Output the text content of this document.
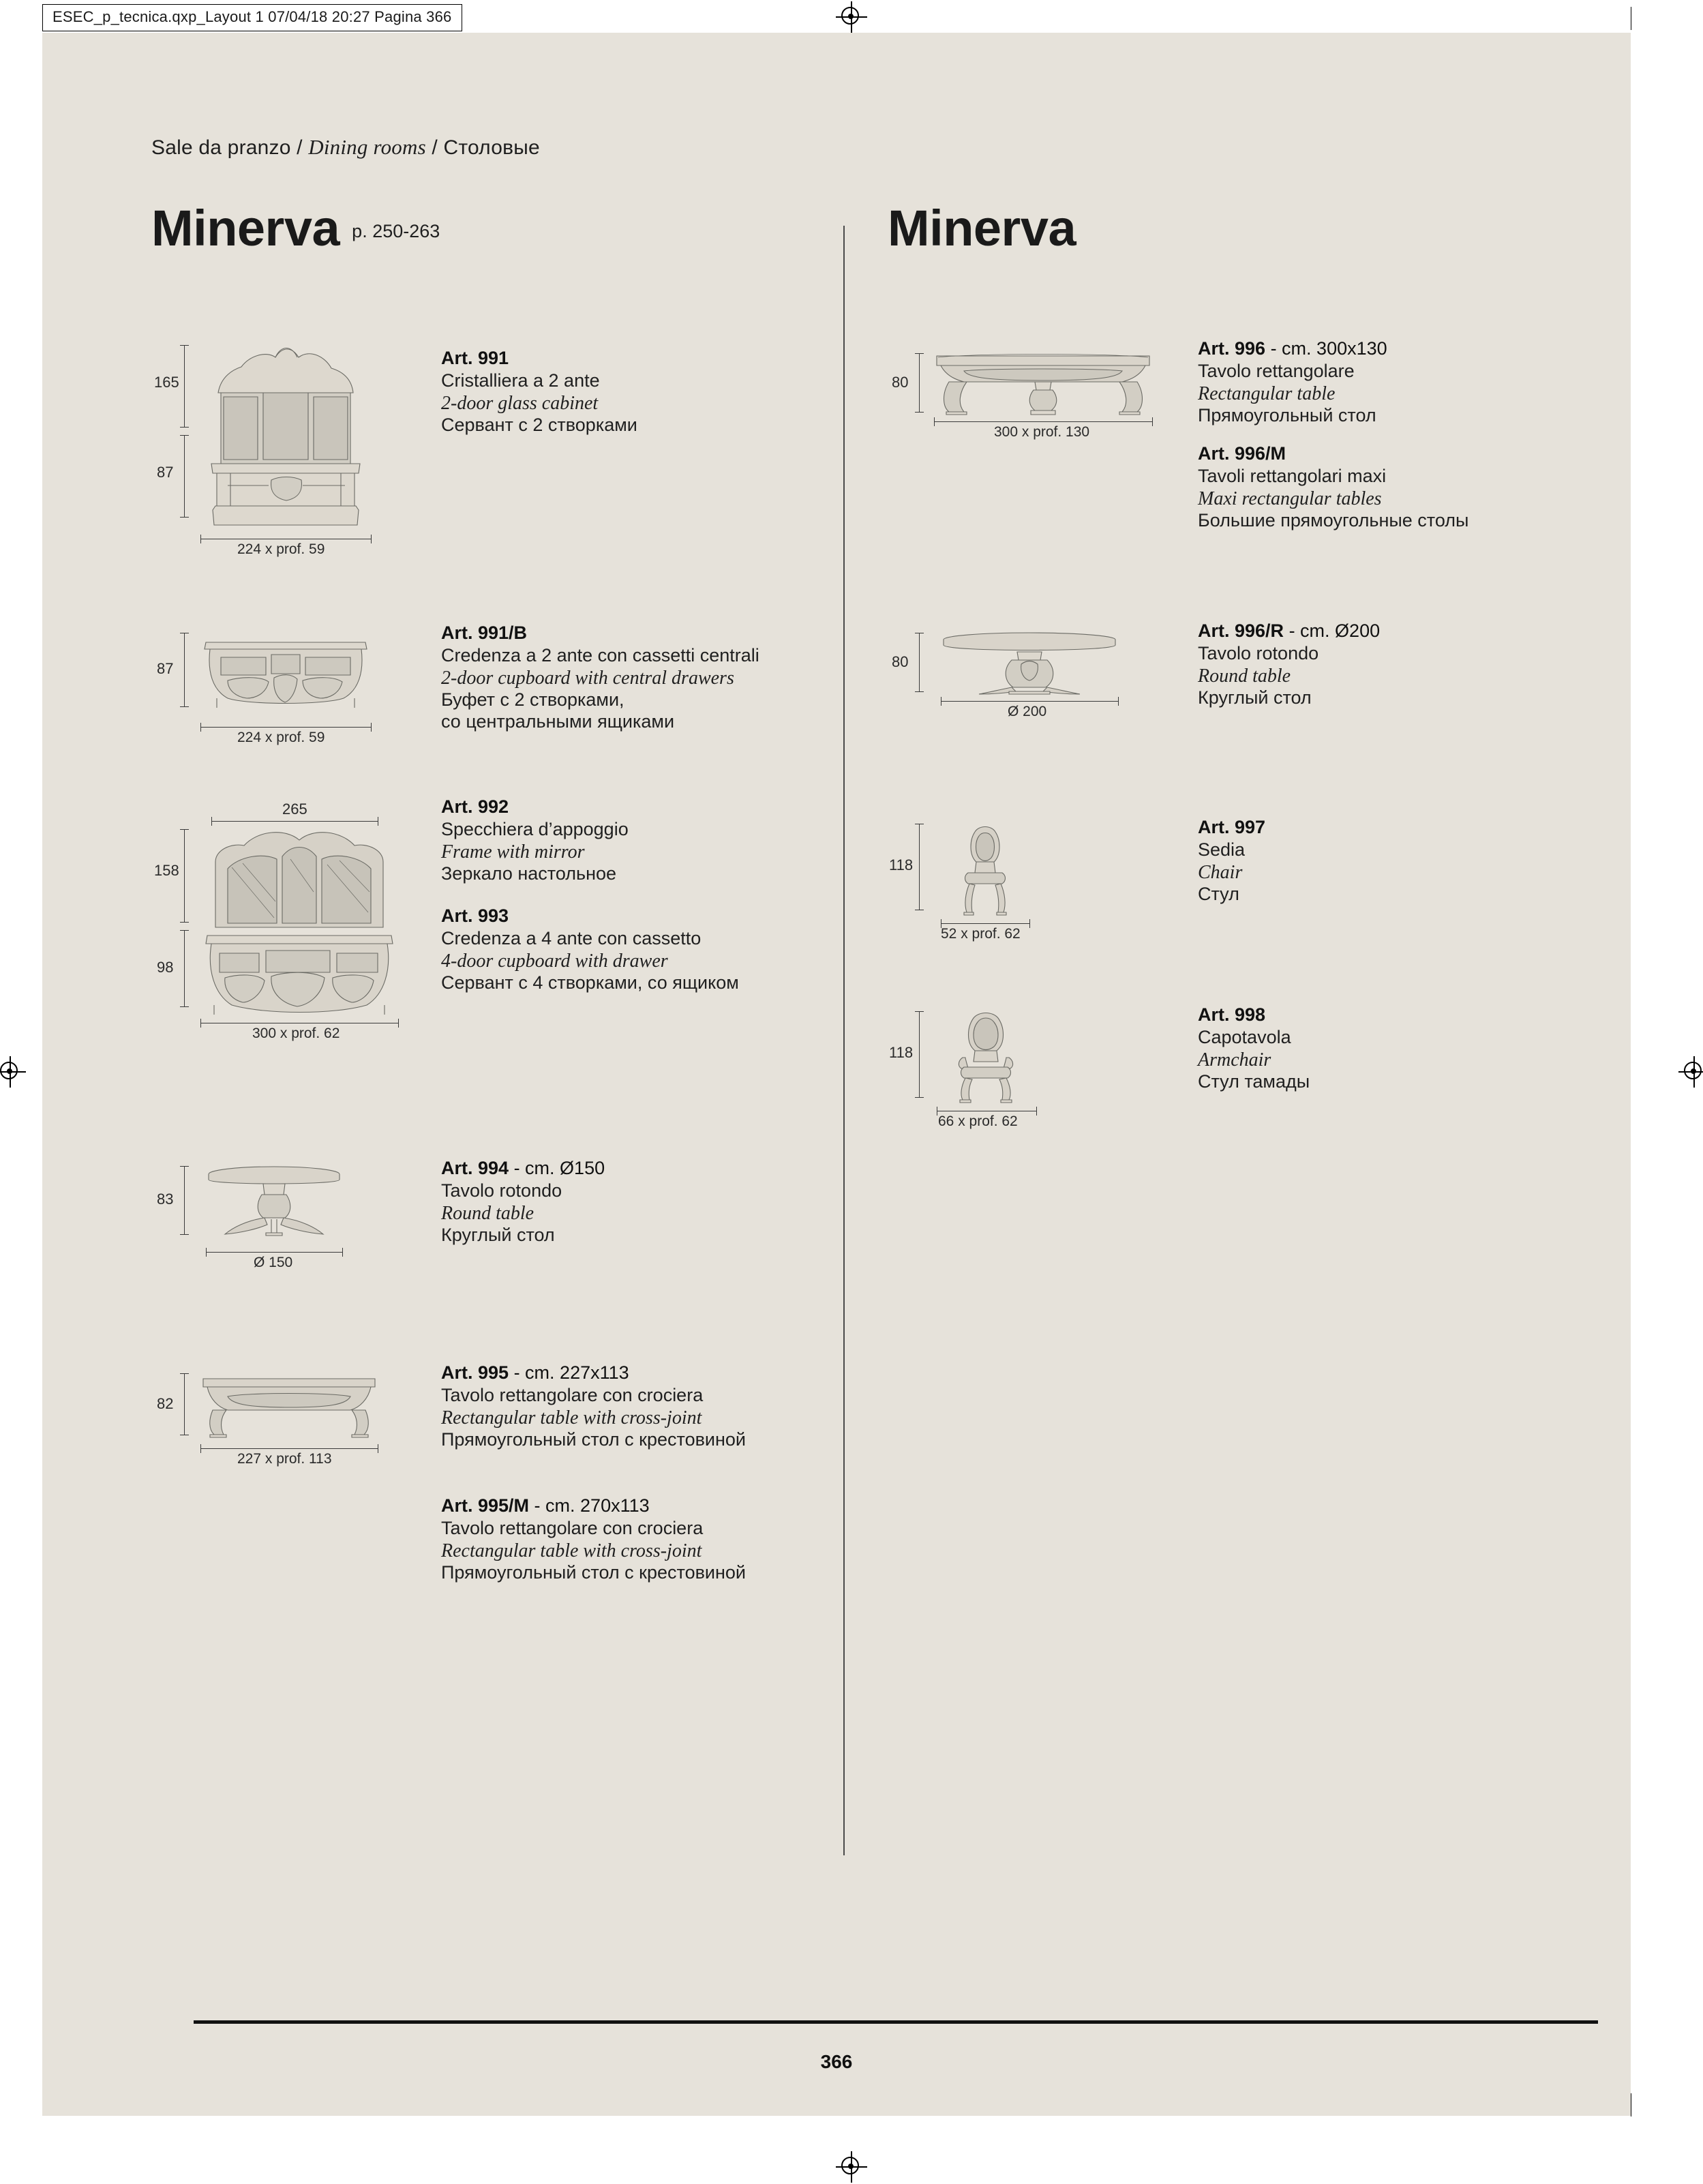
ESEC_p_tecnica.qxp_Layout 1 07/04/18 20:27 Pagina 366
Sale da pranzo / Dining rooms / Столовые
Minerva p. 250-263
165
87
224 x prof. 59
Art. 991
Cristalliera a 2 ante
2-door glass cabinet
Сервант с 2 створками
87
224 x prof. 59
Art. 991/B
Credenza a 2 ante con cassetti centrali
2-door cupboard with central drawers
Буфет с 2 створками,
со центральными ящиками
265
158
98
300 x prof. 62
Art. 992
Specchiera d’appoggio
Frame with mirror
Зеркало настольное
Art. 993
Credenza a 4 ante con cassetto
4-door cupboard with drawer
Сервант с 4 створками, со ящиком
83
Ø 150
Art. 994 - cm. Ø150
Tavolo rotondo
Round table
Круглый стол
82
227 x prof. 113
Art. 995 - cm. 227x113
Tavolo rettangolare con crociera
Rectangular table with cross-joint
Прямоугольный стол с крестовиной
Art. 995/M - cm. 270x113
Tavolo rettangolare con crociera
Rectangular table with cross-joint
Прямоугольный стол с крестовиной
Minerva
80
300 x prof. 130
Art. 996 - cm. 300x130
Tavolo rettangolare
Rectangular table
Прямоугольный стол
Art. 996/M
Tavoli rettangolari maxi
Maxi rectangular tables
Большие прямоугольные столы
80
Ø 200
Art. 996/R - cm. Ø200
Tavolo rotondo
Round table
Круглый стол
118
52 x prof. 62
Art. 997
Sedia
Chair
Стул
118
66 x prof. 62
Art. 998
Capotavola
Armchair
Стул тамады
366
